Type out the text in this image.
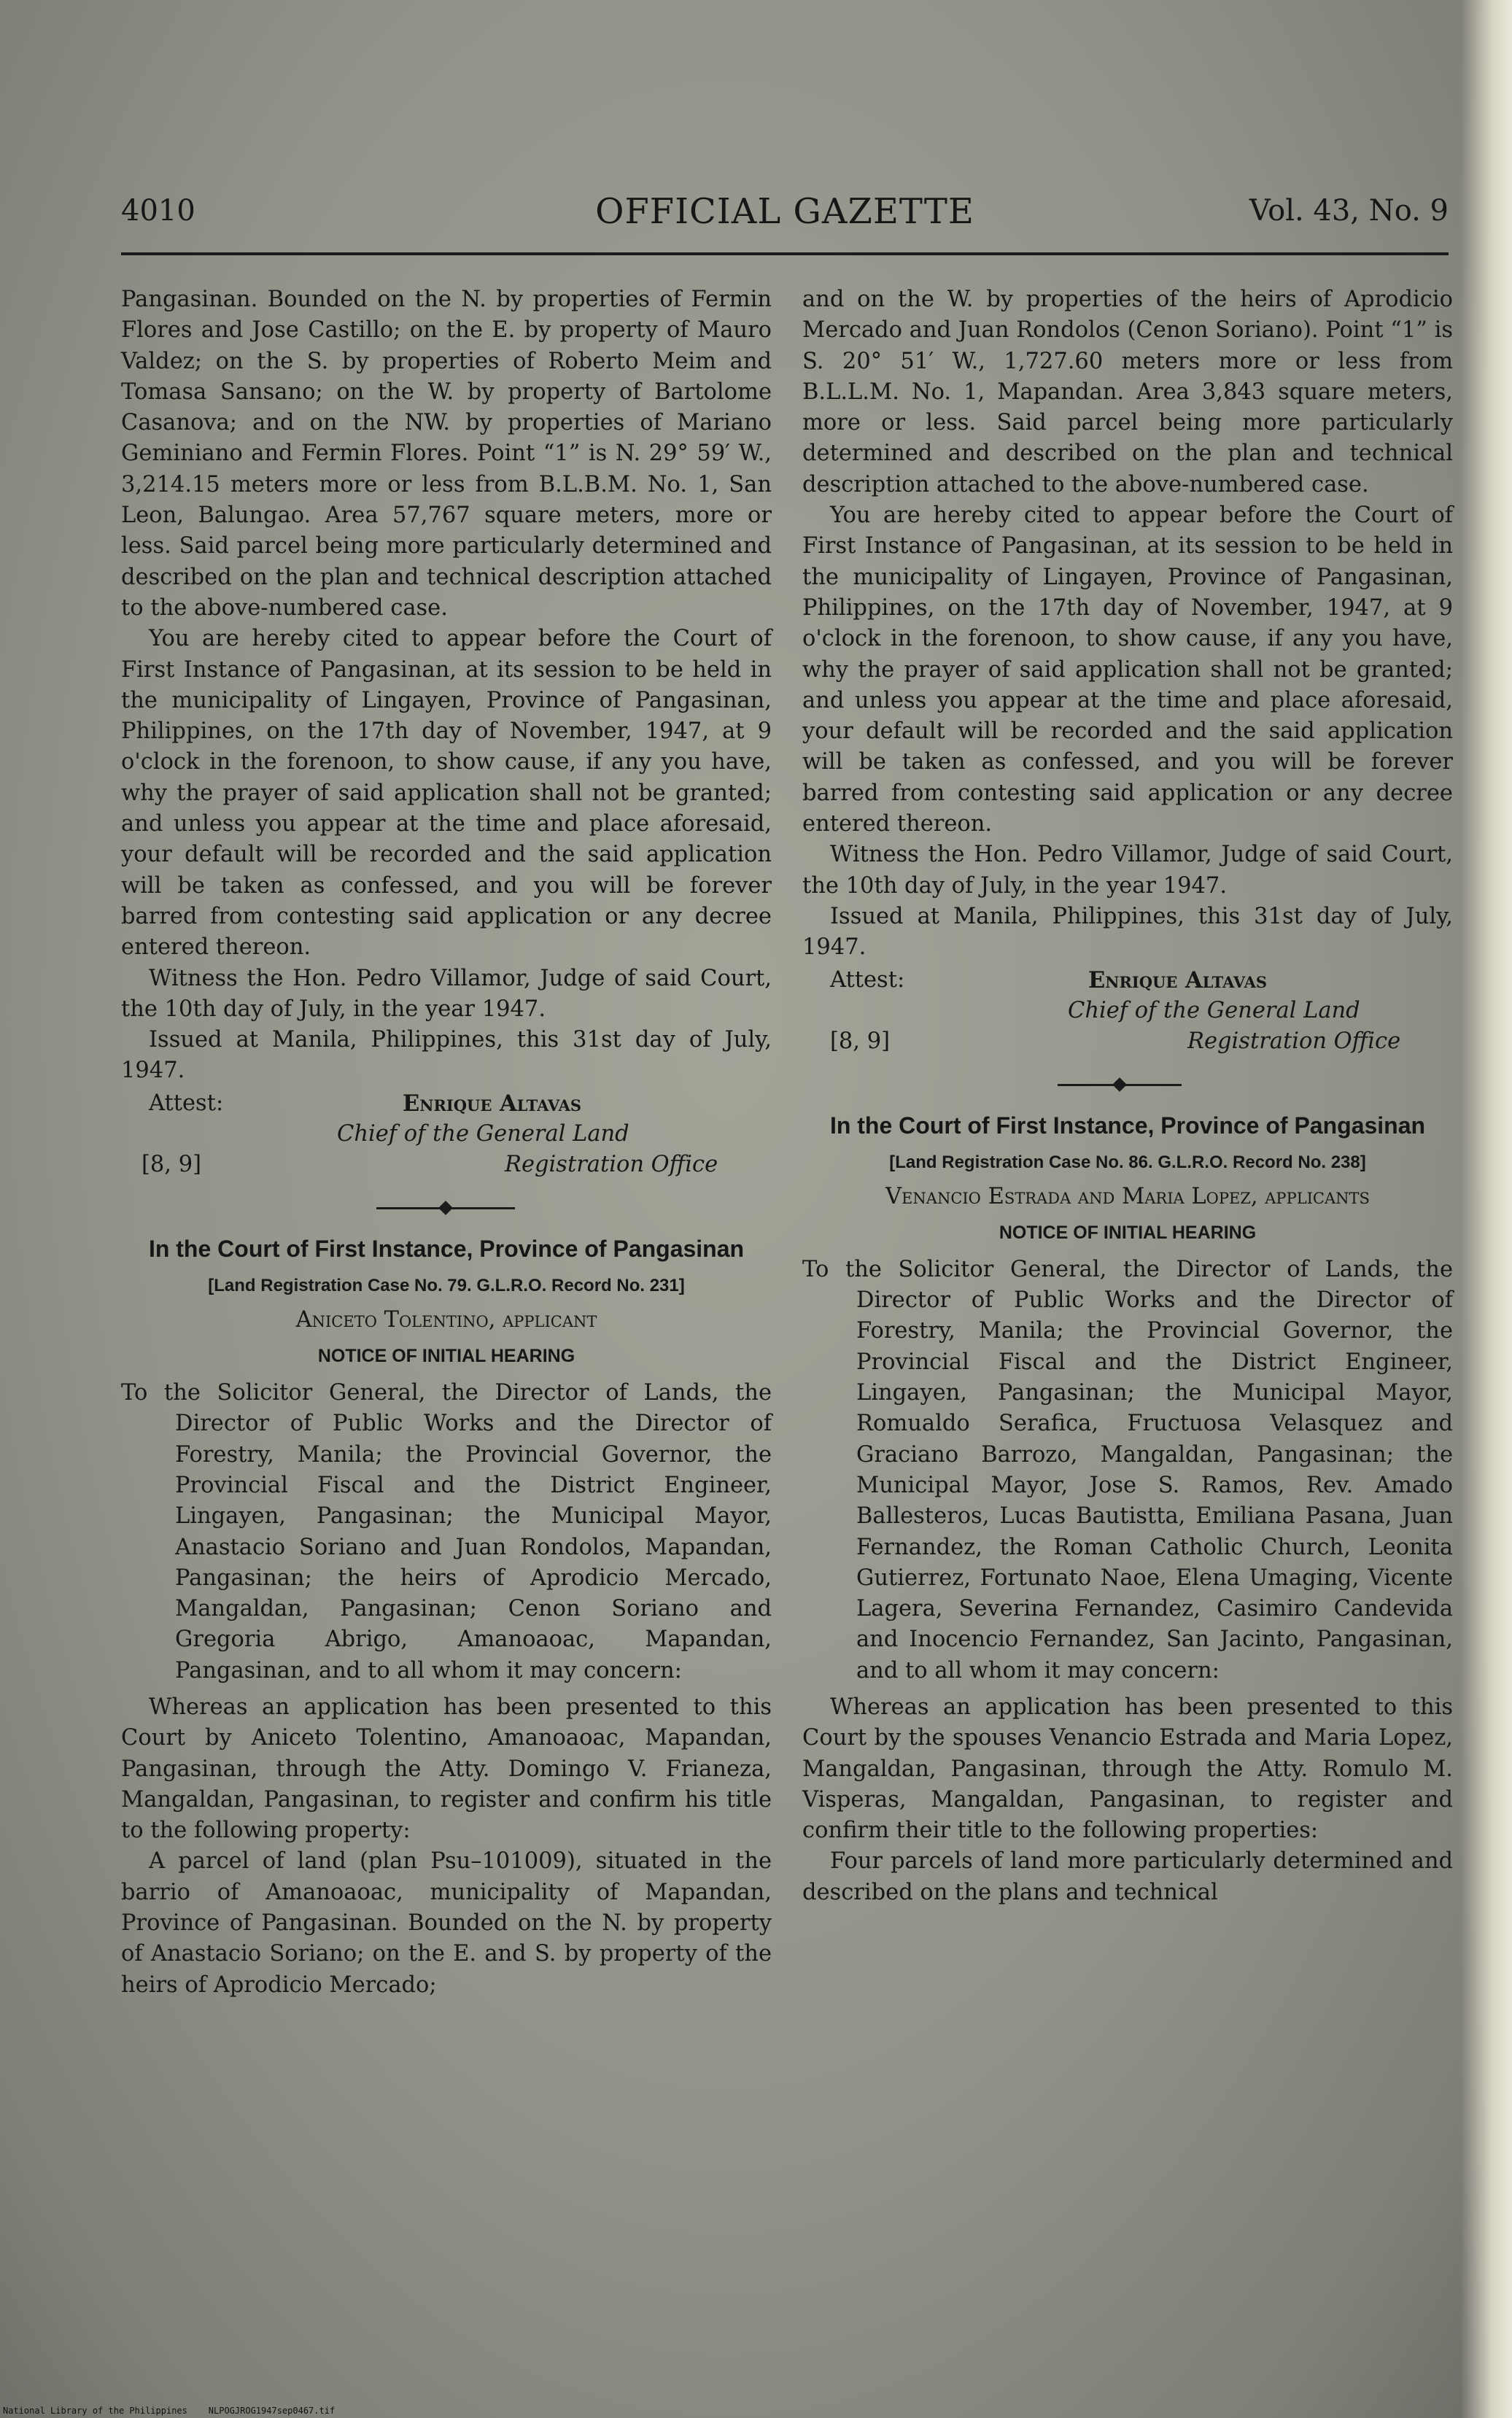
4010	OFFICIAL GAZETTE	Vol. 43, No. 9

Pangasinan. Bounded on the N. by properties of Fermin Flores and Jose Castillo; on the E. by property of Mauro Valdez; on the S. by properties of Roberto Meim and Tomasa Sansano; on the W. by property of Bartolome Casanova; and on the NW. by properties of Mariano Geminiano and Fermin Flores. Point “1” is N. 29° 59′ W., 3,214.15 meters more or less from B.L.B.M. No. 1, San Leon, Balungao. Area 57,767 square meters, more or less. Said parcel being more particularly determined and described on the plan and technical description attached to the above-numbered case.

You are hereby cited to appear before the Court of First Instance of Pangasinan, at its session to be held in the municipality of Lingayen, Province of Pangasinan, Philippines, on the 17th day of November, 1947, at 9 o'clock in the forenoon, to show cause, if any you have, why the prayer of said application shall not be granted; and unless you appear at the time and place aforesaid, your default will be recorded and the said application will be taken as confessed, and you will be forever barred from contesting said application or any decree entered thereon.

Witness the Hon. Pedro Villamor, Judge of said Court, the 10th day of July, in the year 1947.

Issued at Manila, Philippines, this 31st day of July, 1947.

Attest:	Enrique Altavas
Chief of the General Land
Registration Office
[8, 9]
In the Court of First Instance, Province of Pangasinan
[Land Registration Case No. 79. G.L.R.O. Record No. 231]
Aniceto Tolentino, applicant
NOTICE OF INITIAL HEARING

To the Solicitor General, the Director of Lands, the Director of Public Works and the Director of Forestry, Manila; the Provincial Governor, the Provincial Fiscal and the District Engineer, Lingayen, Pangasinan; the Municipal Mayor, Anastacio Soriano and Juan Rondolos, Mapandan, Pangasinan; the heirs of Aprodicio Mercado, Mangaldan, Pangasinan; Cenon Soriano and Gregoria Abrigo, Amanoaoac, Mapandan, Pangasinan, and to all whom it may concern:

Whereas an application has been presented to this Court by Aniceto Tolentino, Amanoaoac, Mapandan, Pangasinan, through the Atty. Domingo V. Frianeza, Mangaldan, Pangasinan, to register and confirm his title to the following property:

A parcel of land (plan Psu–101009), situated in the barrio of Amanoaoac, municipality of Mapandan, Province of Pangasinan. Bounded on the N. by property of Anastacio Soriano; on the E. and S. by property of the heirs of Aprodicio Mercado;

and on the W. by properties of the heirs of Aprodicio Mercado and Juan Rondolos (Cenon Soriano). Point “1” is S. 20° 51′ W., 1,727.60 meters more or less from B.L.L.M. No. 1, Mapandan. Area 3,843 square meters, more or less. Said parcel being more particularly determined and described on the plan and technical description attached to the above-numbered case.

You are hereby cited to appear before the Court of First Instance of Pangasinan, at its session to be held in the municipality of Lingayen, Province of Pangasinan, Philippines, on the 17th day of November, 1947, at 9 o'clock in the forenoon, to show cause, if any you have, why the prayer of said application shall not be granted; and unless you appear at the time and place aforesaid, your default will be recorded and the said application will be taken as confessed, and you will be forever barred from contesting said application or any decree entered thereon.

Witness the Hon. Pedro Villamor, Judge of said Court, the 10th day of July, in the year 1947.

Issued at Manila, Philippines, this 31st day of July, 1947.

Attest:	Enrique Altavas
Chief of the General Land
Registration Office
[8, 9]
In the Court of First Instance, Province of Pangasinan
[Land Registration Case No. 86. G.L.R.O. Record No. 238]
Venancio Estrada and Maria Lopez, applicants
NOTICE OF INITIAL HEARING

To the Solicitor General, the Director of Lands, the Director of Public Works and the Director of Forestry, Manila; the Provincial Governor, the Provincial Fiscal and the District Engineer, Lingayen, Pangasinan; the Municipal Mayor, Romualdo Serafica, Fructuosa Velasquez and Graciano Barrozo, Mangaldan, Pangasinan; the Municipal Mayor, Jose S. Ramos, Rev. Amado Ballesteros, Lucas Bautistta, Emiliana Pasana, Juan Fernandez, the Roman Catholic Church, Leonita Gutierrez, Fortunato Naoe, Elena Umaging, Vicente Lagera, Severina Fernandez, Casimiro Candevida and Inocencio Fernandez, San Jacinto, Pangasinan, and to all whom it may concern:

Whereas an application has been presented to this Court by the spouses Venancio Estrada and Maria Lopez, Mangaldan, Pangasinan, through the Atty. Romulo M. Visperas, Mangaldan, Pangasinan, to register and confirm their title to the following properties:

Four parcels of land more particularly determined and described on the plans and technical

National Library of the Philippines NLPOGJROG1947sep0467.tif
